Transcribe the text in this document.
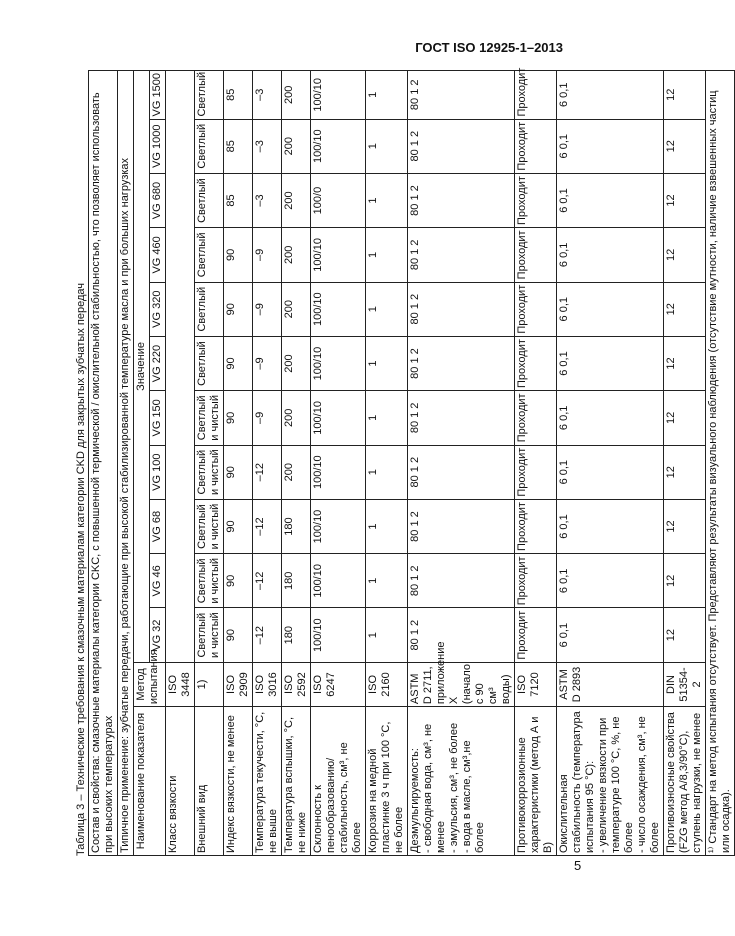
ГОСТ ISO 12925-1–2013
Таблица 3 – Технические требования к смазочным материалам категории CKD для закрытых зубчатых передач Состав и свойства: смазочные материалы категории CKC, с повышенной термической / окислительной стабильностью, что позволяет использовать при высоких температурах												
Типичное применение: зубчатые передачи, работающие при высокой стабилизированной температуре масла и при больших нагрузках												
Наименование показателя	Метод испытания	Значение										
		VG 32	VG 46	VG 68	VG 100	VG 150	VG 220	VG 320	VG 460	VG 680	VG 1000	VG 1500
Класс вязкости	ISO 3448											
Внешний вид	1)	Светлый и чистый	Светлый и чистый	Светлый и чистый	Светлый и чистый	Светлый и чистый	Светлый	Светлый	Светлый	Светлый	Светлый	Светлый
Индекс вязкости, не менее	ISO 2909	90	90	90	90	90	90	90	90	85	85	85
Температура текучести, °С, не выше	ISO 3016	–12	–12	–12	–12	–9	–9	–9	–9	–3	–3	–3
Температура вспышки, °С, не ниже	ISO 2592	180	180	180	200	200	200	200	200	200	200	200
Склонность к пенообразованию/ стабильность, см³, не более	ISO 6247	100/10	100/10	100/10	100/10	100/10	100/10	100/10	100/10	100/0	100/10	100/10
Коррозия на медной пластинке 3 ч при 100 °С, не более	ISO 2160	1	1	1	1	1	1	1	1	1	1	1

Деэмульгируемость: - свободная вода, см³, не менее - эмульсия, см³, не более - вода в масле, см³,не более	ASTM D 2711, приложение X (начало с 90 см³ воды)	80 1 2	80 1 2	80 1 2	80 1 2	80 1 2	80 1 2	80 1 2	80 1 2	80 1 2	80 1 2	80 1 2
Противокоррозионные характеристики (метод А и В)	ISO 7120	Проходит	Проходит	Проходит	Проходит	Проходит	Проходит	Проходит	Проходит	Проходит	Проходит	Проходит

Окислительная стабильность (температура испытания 95 °С): - увеличение вязкости при температуре 100 °С, %, не более - число осаждения, см³, не более	ASTM D 2893	6 0,1	6 0,1	6 0,1	6 0,1	6 0,1	6 0,1	6 0,1	6 0,1	6 0,1	6 0,1	6 0,1
Противоизносные свойства (FZG метод А/8,3/90°С), ступень нагрузки, не менее	DIN 51354-2	12	12	12	12	12	12	12	12	12	12	12
¹⁾ Стандарт на метод испытания отсутствует. Представляют результаты визуального наблюдения (отсутствие мутности, наличие взвешенных частиц или осадка).												
5
